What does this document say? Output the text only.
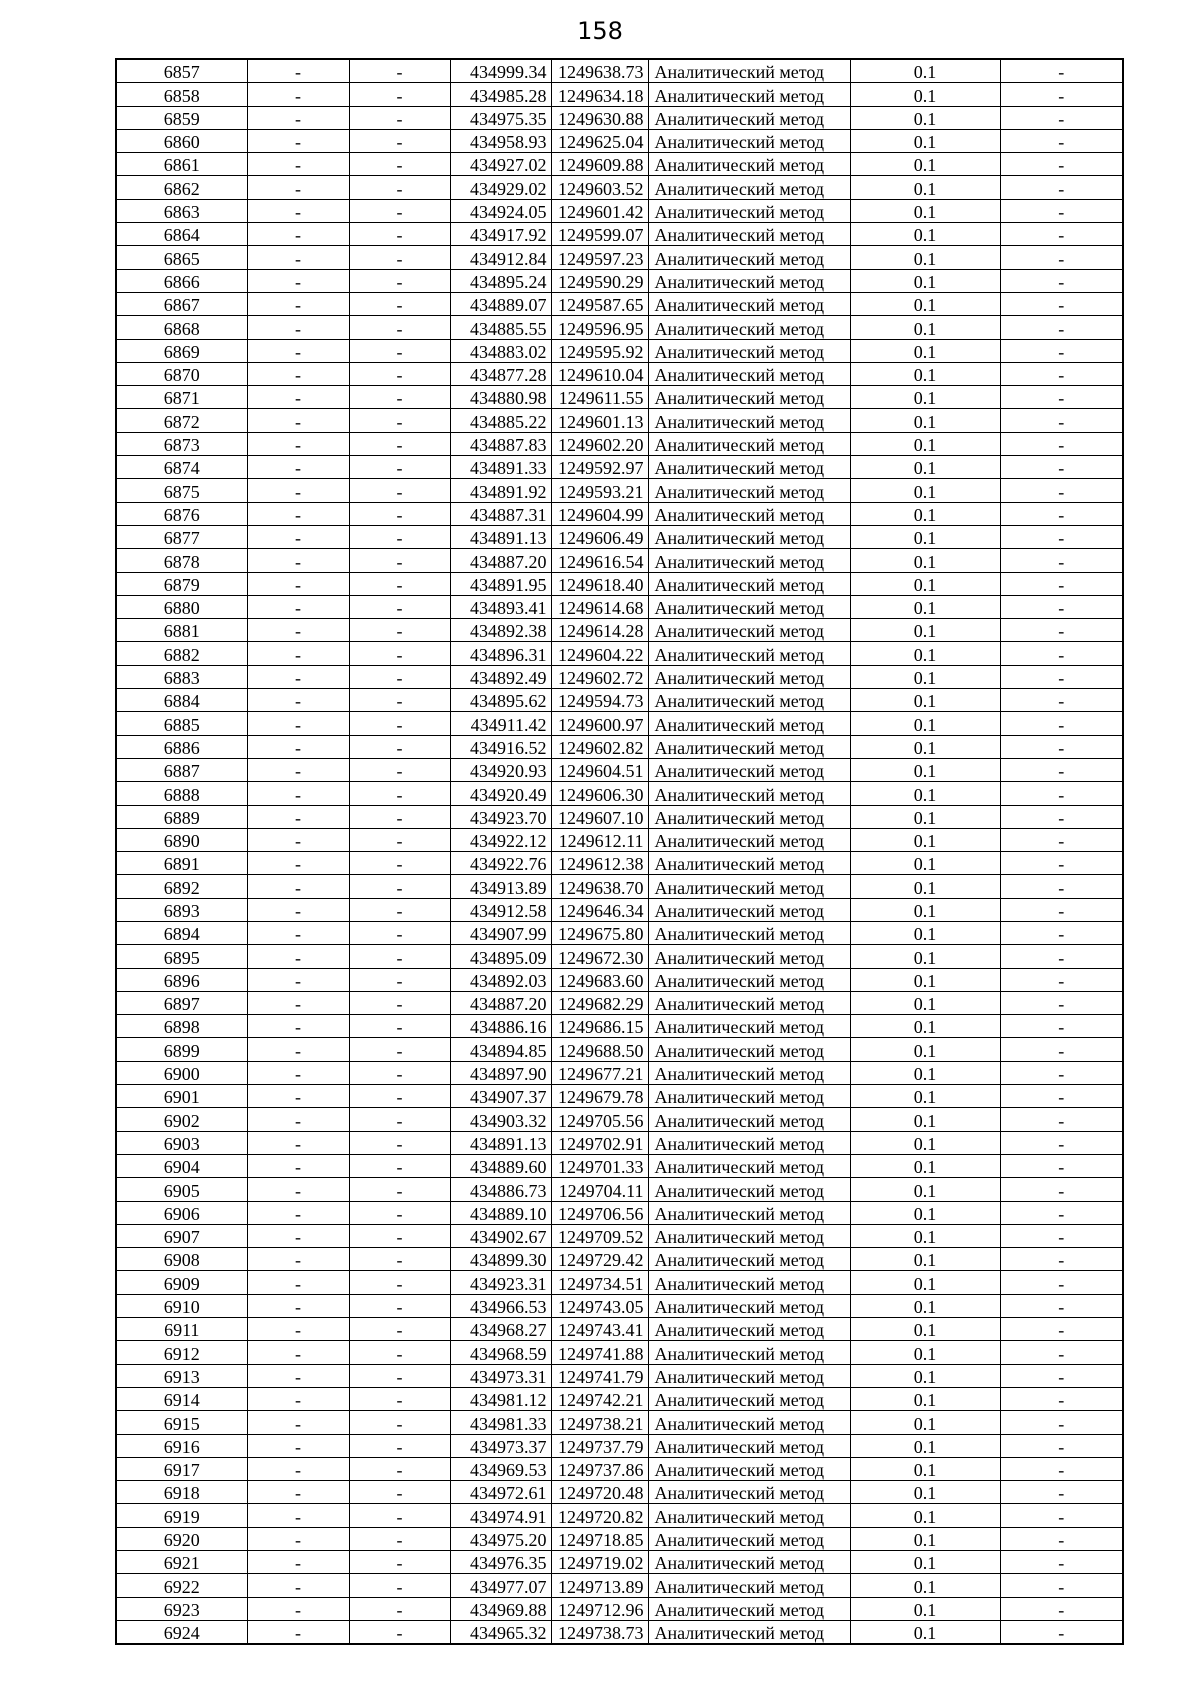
158
6857	-	-	434999.34	1249638.73	Аналитический метод	0.1	-
6858	-	-	434985.28	1249634.18	Аналитический метод	0.1	-
6859	-	-	434975.35	1249630.88	Аналитический метод	0.1	-
6860	-	-	434958.93	1249625.04	Аналитический метод	0.1	-
6861	-	-	434927.02	1249609.88	Аналитический метод	0.1	-
6862	-	-	434929.02	1249603.52	Аналитический метод	0.1	-
6863	-	-	434924.05	1249601.42	Аналитический метод	0.1	-
6864	-	-	434917.92	1249599.07	Аналитический метод	0.1	-
6865	-	-	434912.84	1249597.23	Аналитический метод	0.1	-
6866	-	-	434895.24	1249590.29	Аналитический метод	0.1	-
6867	-	-	434889.07	1249587.65	Аналитический метод	0.1	-
6868	-	-	434885.55	1249596.95	Аналитический метод	0.1	-
6869	-	-	434883.02	1249595.92	Аналитический метод	0.1	-
6870	-	-	434877.28	1249610.04	Аналитический метод	0.1	-
6871	-	-	434880.98	1249611.55	Аналитический метод	0.1	-
6872	-	-	434885.22	1249601.13	Аналитический метод	0.1	-
6873	-	-	434887.83	1249602.20	Аналитический метод	0.1	-
6874	-	-	434891.33	1249592.97	Аналитический метод	0.1	-
6875	-	-	434891.92	1249593.21	Аналитический метод	0.1	-
6876	-	-	434887.31	1249604.99	Аналитический метод	0.1	-
6877	-	-	434891.13	1249606.49	Аналитический метод	0.1	-
6878	-	-	434887.20	1249616.54	Аналитический метод	0.1	-
6879	-	-	434891.95	1249618.40	Аналитический метод	0.1	-
6880	-	-	434893.41	1249614.68	Аналитический метод	0.1	-
6881	-	-	434892.38	1249614.28	Аналитический метод	0.1	-
6882	-	-	434896.31	1249604.22	Аналитический метод	0.1	-
6883	-	-	434892.49	1249602.72	Аналитический метод	0.1	-
6884	-	-	434895.62	1249594.73	Аналитический метод	0.1	-
6885	-	-	434911.42	1249600.97	Аналитический метод	0.1	-
6886	-	-	434916.52	1249602.82	Аналитический метод	0.1	-
6887	-	-	434920.93	1249604.51	Аналитический метод	0.1	-
6888	-	-	434920.49	1249606.30	Аналитический метод	0.1	-
6889	-	-	434923.70	1249607.10	Аналитический метод	0.1	-
6890	-	-	434922.12	1249612.11	Аналитический метод	0.1	-
6891	-	-	434922.76	1249612.38	Аналитический метод	0.1	-
6892	-	-	434913.89	1249638.70	Аналитический метод	0.1	-
6893	-	-	434912.58	1249646.34	Аналитический метод	0.1	-
6894	-	-	434907.99	1249675.80	Аналитический метод	0.1	-
6895	-	-	434895.09	1249672.30	Аналитический метод	0.1	-
6896	-	-	434892.03	1249683.60	Аналитический метод	0.1	-
6897	-	-	434887.20	1249682.29	Аналитический метод	0.1	-
6898	-	-	434886.16	1249686.15	Аналитический метод	0.1	-
6899	-	-	434894.85	1249688.50	Аналитический метод	0.1	-
6900	-	-	434897.90	1249677.21	Аналитический метод	0.1	-
6901	-	-	434907.37	1249679.78	Аналитический метод	0.1	-
6902	-	-	434903.32	1249705.56	Аналитический метод	0.1	-
6903	-	-	434891.13	1249702.91	Аналитический метод	0.1	-
6904	-	-	434889.60	1249701.33	Аналитический метод	0.1	-
6905	-	-	434886.73	1249704.11	Аналитический метод	0.1	-
6906	-	-	434889.10	1249706.56	Аналитический метод	0.1	-
6907	-	-	434902.67	1249709.52	Аналитический метод	0.1	-
6908	-	-	434899.30	1249729.42	Аналитический метод	0.1	-
6909	-	-	434923.31	1249734.51	Аналитический метод	0.1	-
6910	-	-	434966.53	1249743.05	Аналитический метод	0.1	-
6911	-	-	434968.27	1249743.41	Аналитический метод	0.1	-
6912	-	-	434968.59	1249741.88	Аналитический метод	0.1	-
6913	-	-	434973.31	1249741.79	Аналитический метод	0.1	-
6914	-	-	434981.12	1249742.21	Аналитический метод	0.1	-
6915	-	-	434981.33	1249738.21	Аналитический метод	0.1	-
6916	-	-	434973.37	1249737.79	Аналитический метод	0.1	-
6917	-	-	434969.53	1249737.86	Аналитический метод	0.1	-
6918	-	-	434972.61	1249720.48	Аналитический метод	0.1	-
6919	-	-	434974.91	1249720.82	Аналитический метод	0.1	-
6920	-	-	434975.20	1249718.85	Аналитический метод	0.1	-
6921	-	-	434976.35	1249719.02	Аналитический метод	0.1	-
6922	-	-	434977.07	1249713.89	Аналитический метод	0.1	-
6923	-	-	434969.88	1249712.96	Аналитический метод	0.1	-
6924	-	-	434965.32	1249738.73	Аналитический метод	0.1	-
